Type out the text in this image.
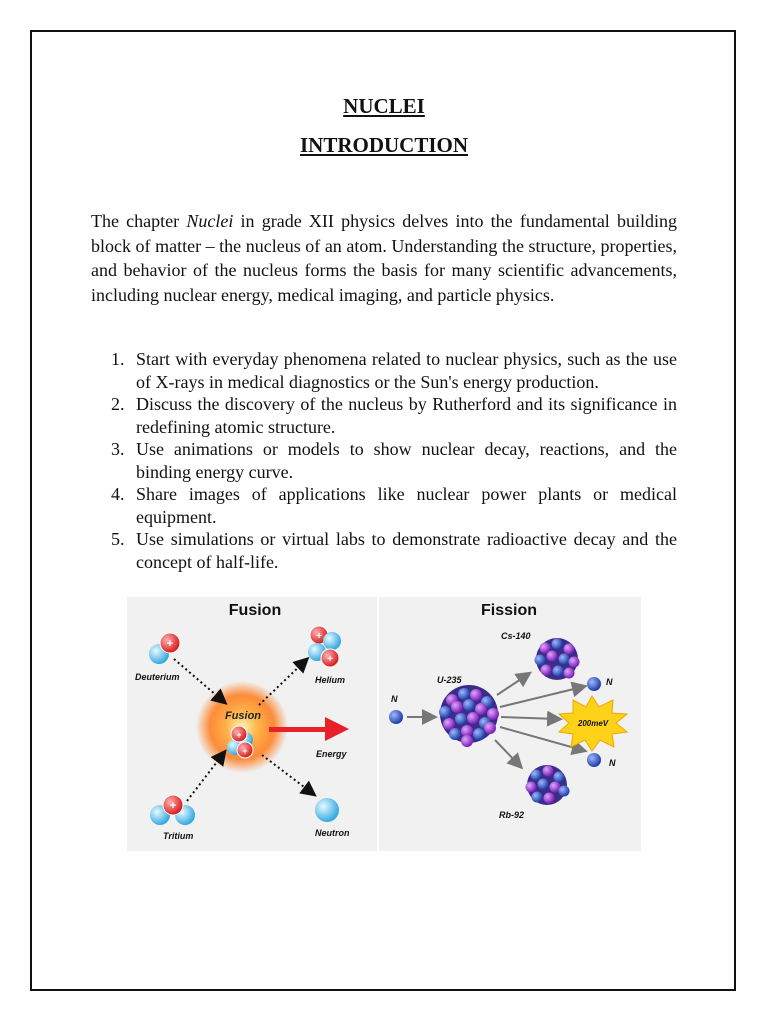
NUCLEI
INTRODUCTION

The chapter Nuclei in grade XII physics delves into the fundamental building block of matter – the nucleus of an atom. Understanding the structure, properties, and behavior of the nucleus forms the basis for many scientific advancements, including nuclear energy, medical imaging, and particle physics.

1. Start with everyday phenomena related to nuclear physics, such as the use of X-rays in medical diagnostics or the Sun's energy production.
2. Discuss the discovery of the nucleus by Rutherford and its significance in redefining atomic structure.
3. Use animations or models to show nuclear decay, reactions, and the binding energy curve.
4. Share images of applications like nuclear power plants or medical equipment.
5. Use simulations or virtual labs to demonstrate radioactive decay and the concept of half-life.
Fusion
+
Deuterium
+
Tritium
+
+
Helium
Neutron
+
+
Fusion
Energy
Fission
N
U-235
Cs-140
Rb-92
N
N
200meV
